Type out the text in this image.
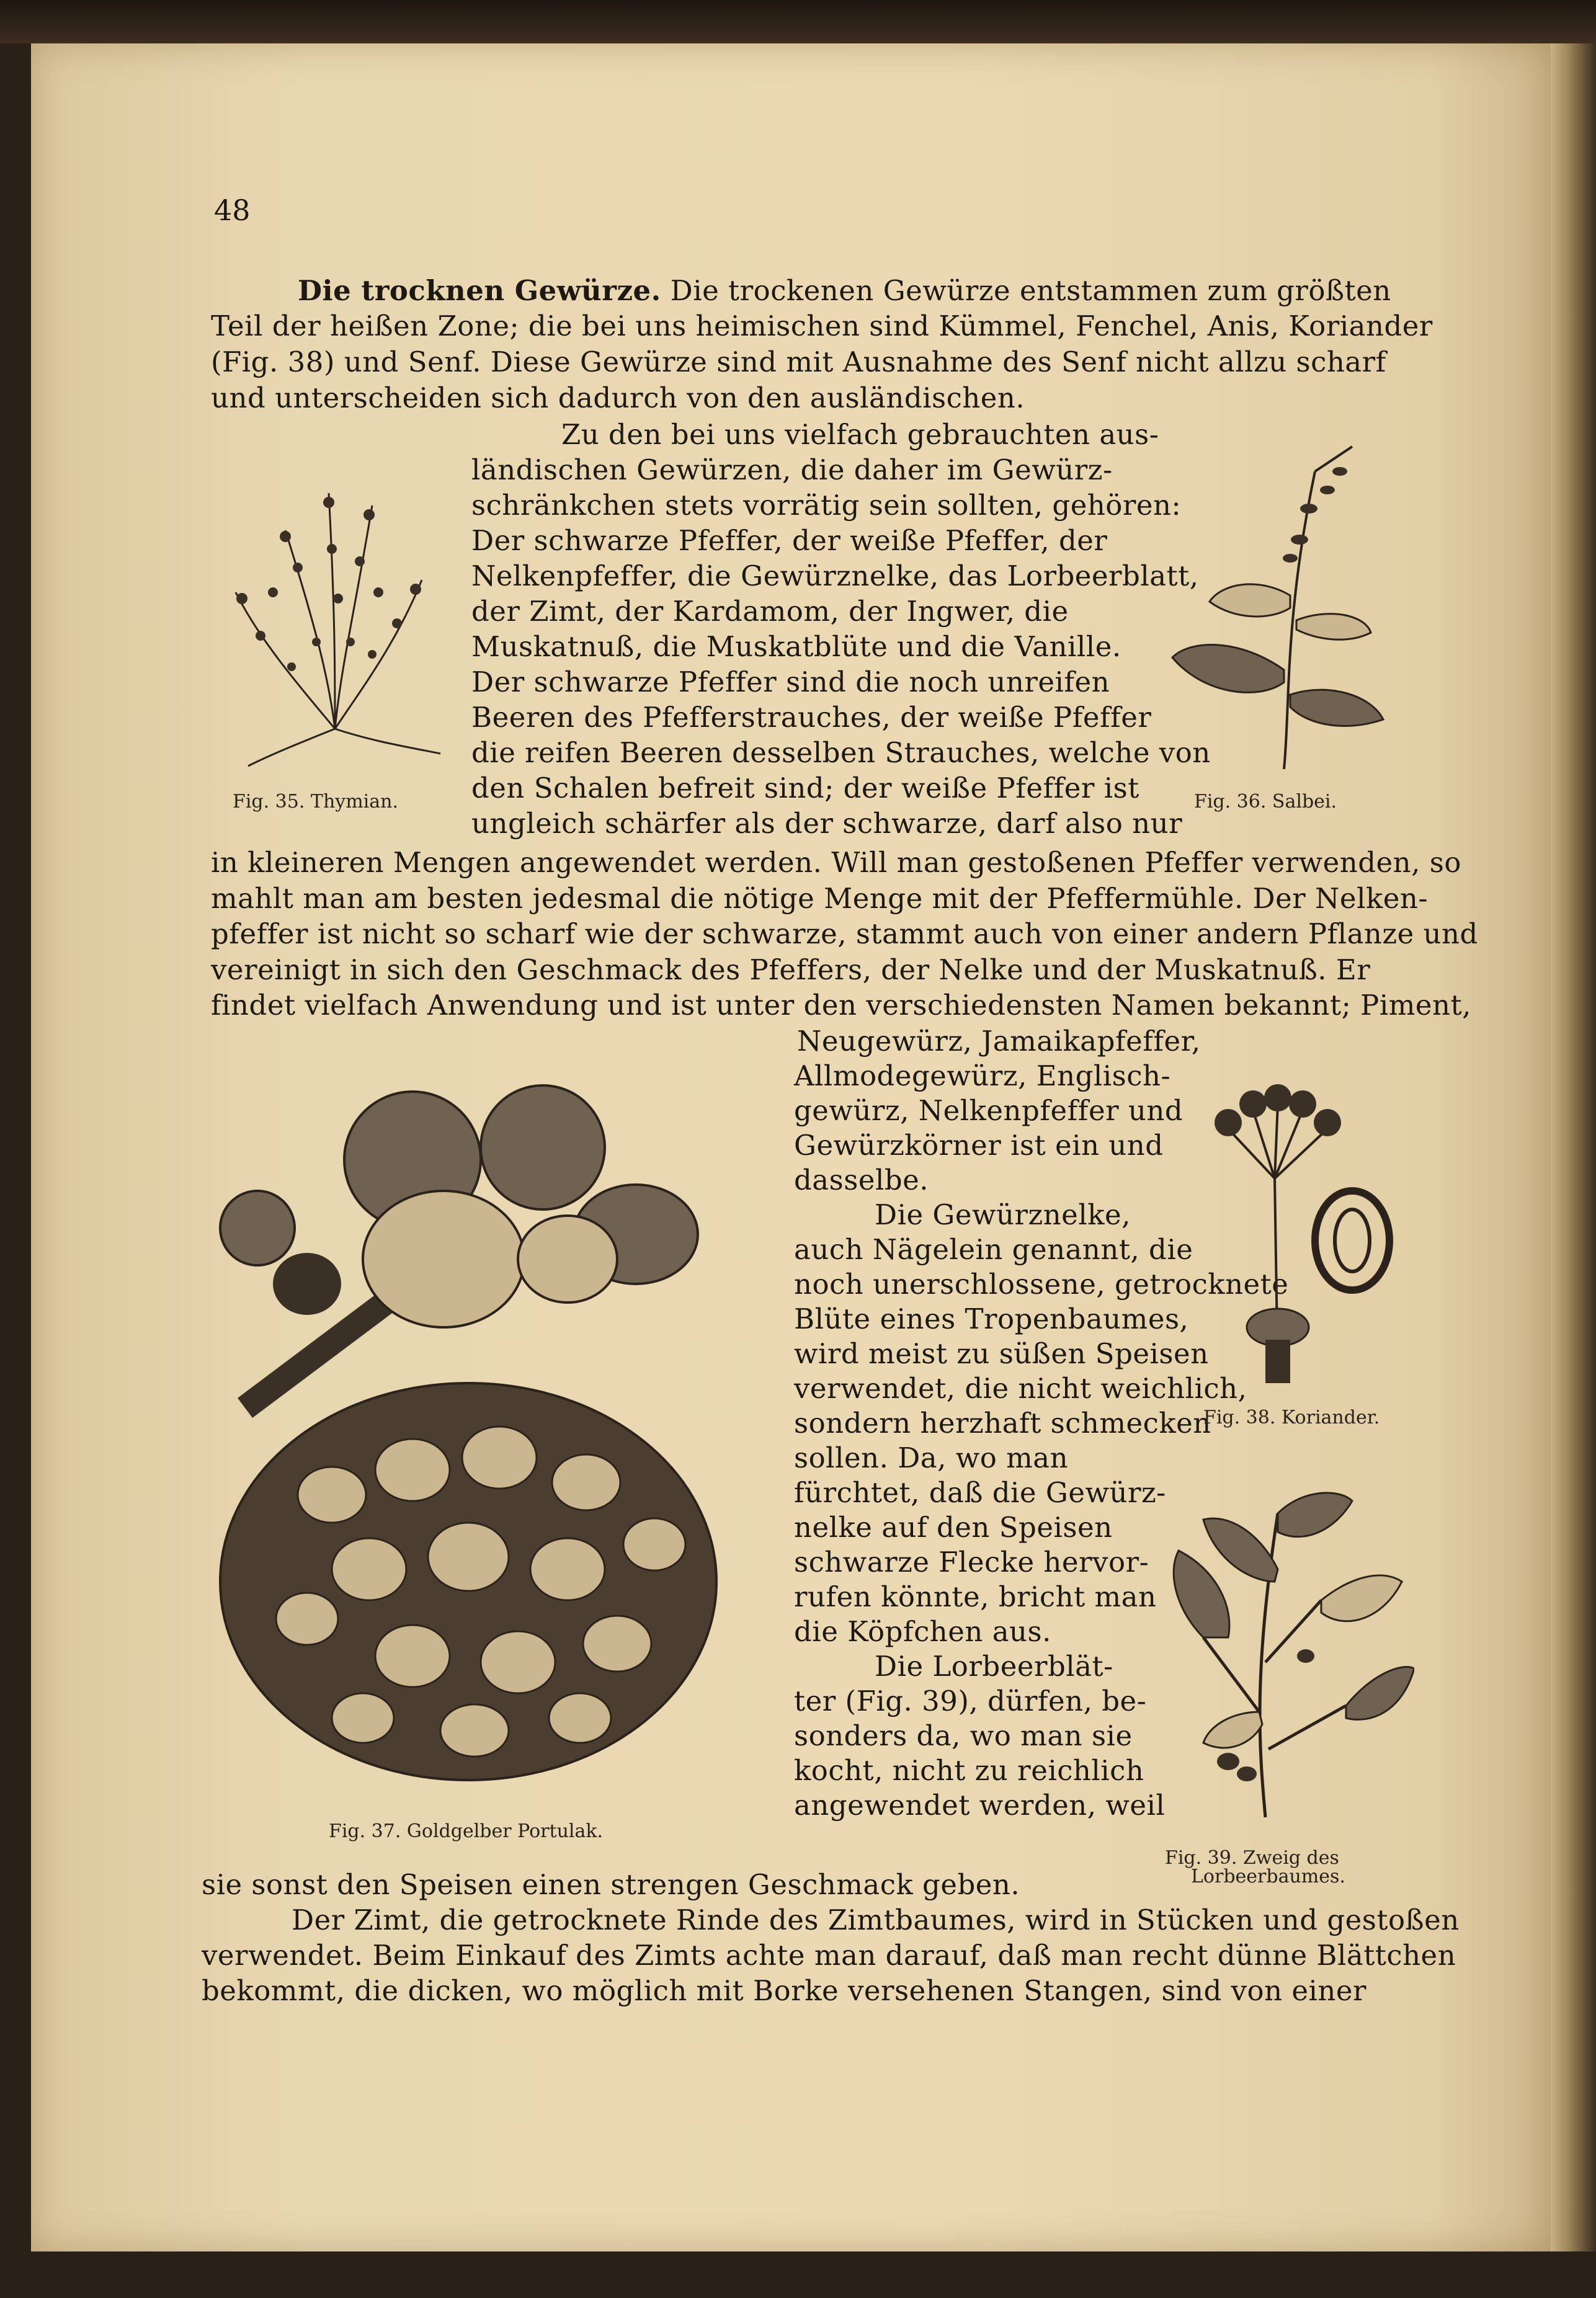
48
Die trocknen Gewürze. Die trockenen Gewürze entstammen zum größten
Teil der heißen Zone; die bei uns heimischen sind Kümmel, Fenchel, Anis, Koriander
(Fig. 38) und Senf. Diese Gewürze sind mit Ausnahme des Senf nicht allzu scharf
und unterscheiden sich dadurch von den ausländischen.
Zu den bei uns vielfach gebrauchten aus-
ländischen Gewürzen, die daher im Gewürz-
schränkchen stets vorrätig sein sollten, gehören:
Der schwarze Pfeffer, der weiße Pfeffer, der
Nelkenpfeffer, die Gewürznelke, das Lorbeerblatt,
der Zimt, der Kardamom, der Ingwer, die
Muskatnuß, die Muskatblüte und die Vanille.
Der schwarze Pfeffer sind die noch unreifen
Beeren des Pfefferstrauches, der weiße Pfeffer
die reifen Beeren desselben Strauches, welche von
den Schalen befreit sind; der weiße Pfeffer ist
ungleich schärfer als der schwarze, darf also nur
in kleineren Mengen angewendet werden. Will man gestoßenen Pfeffer verwenden, so
mahlt man am besten jedesmal die nötige Menge mit der Pfeffermühle. Der Nelken-
pfeffer ist nicht so scharf wie der schwarze, stammt auch von einer andern Pflanze und
vereinigt in sich den Geschmack des Pfeffers, der Nelke und der Muskatnuß. Er
findet vielfach Anwendung und ist unter den verschiedensten Namen bekannt; Piment,
Neugewürz, Jamaikapfeffer,
Allmodegewürz, Englisch-
gewürz, Nelkenpfeffer und
Gewürzkörner ist ein und
dasselbe.
Die Gewürznelke,
auch Nägelein genannt, die
noch unerschlossene, getrocknete
Blüte eines Tropenbaumes,
wird meist zu süßen Speisen
verwendet, die nicht weichlich,
sondern herzhaft schmecken
sollen. Da, wo man
fürchtet, daß die Gewürz-
nelke auf den Speisen
schwarze Flecke hervor-
rufen könnte, bricht man
die Köpfchen aus.
Die Lorbeerblät-
ter (Fig. 39), dürfen, be-
sonders da, wo man sie
kocht, nicht zu reichlich
angewendet werden, weil
sie sonst den Speisen einen strengen Geschmack geben.
Der Zimt, die getrocknete Rinde des Zimtbaumes, wird in Stücken und gestoßen
verwendet. Beim Einkauf des Zimts achte man darauf, daß man recht dünne Blättchen
bekommt, die dicken, wo möglich mit Borke versehenen Stangen, sind von einer
Fig. 35. Thymian.	Fig. 36. Salbei.
Fig. 37. Goldgelber Portulak.
Fig. 38. Koriander.
Fig. 39. Zweig des
Lorbeerbaumes.
